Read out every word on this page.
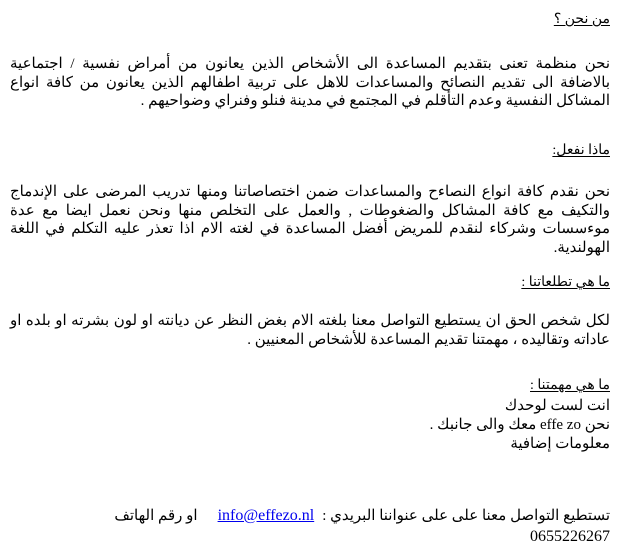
من نحن ؟
نحن منظمة تعنى بتقديم المساعدة الى الأشخاص الذين يعانون من أمراض نفسية / اجتماعية بالاضافة الى تقديم النصائح والمساعدات للاهل على تربية اطفالهم الذين يعانون من كافة انواع المشاكل النفسية وعدم التأقلم في المجتمع في مدينة فنلو وفنراي وضواحيهم .
ماذا نفعل:
نحن نقدم كافة انواع النصاءح والمساعدات ضمن اختصاصاتنا ومنها تدريب المرضى على الإندماج والتكيف مع كافة المشاكل والضغوطات , والعمل على التخلص منها ونحن نعمل ايضا مع عدة موءسسات وشركاء لنقدم للمريض أفضل المساعدة في لغته الام اذا تعذر عليه التكلم في اللغة الهولندية.
ما هي تطلعاتنا :
لكل شخص الحق ان يستطيع التواصل معنا بلغته الام بغض النظر عن ديانته او لون بشرته او بلده او عاداته وتقاليده ، مهمتنا تقديم المساعدة للأشخاص المعنيين .
ما هي مهمتنا :
انت لست لوحدك
نحن effe zo معك والى جانبك .
معلومات إضافية
تستطيع التواصل معنا على على عنواننا البريدي :info@effezo.nlاو رقم الهاتف
0655226267
